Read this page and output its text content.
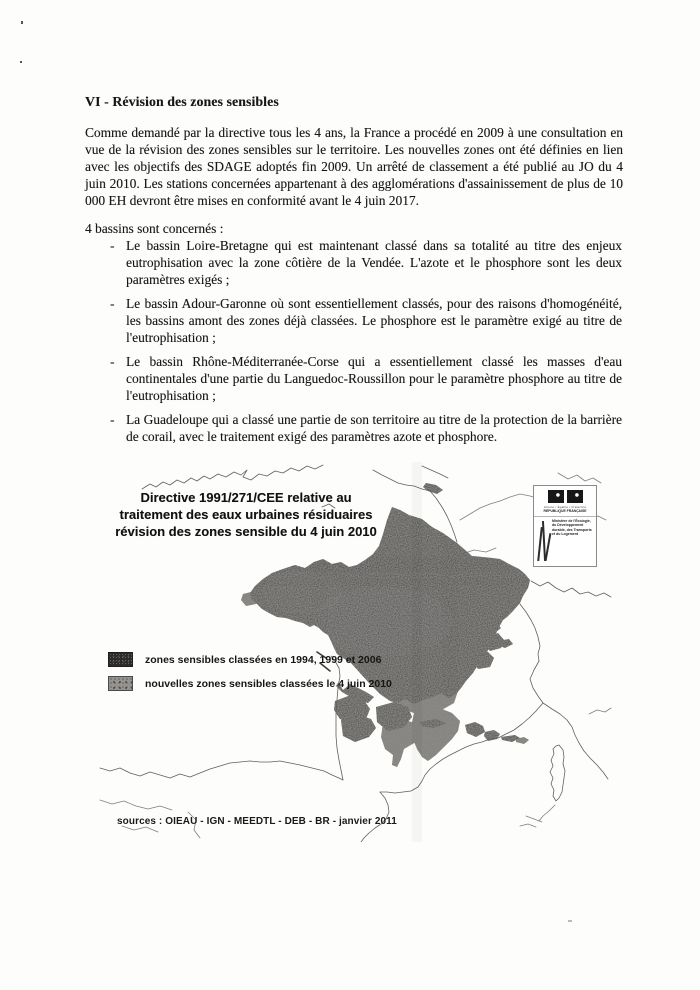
VI - Révision des zones sensibles

Comme demandé par la directive tous les 4 ans, la France a procédé en 2009 à une consultation en vue de la révision des zones sensibles sur le territoire. Les nouvelles zones ont été définies en lien avec les objectifs des SDAGE adoptés fin 2009. Un arrêté de classement a été publié au JO du 4 juin 2010. Les stations concernées appartenant à des agglomérations d'assainissement de plus de 10 000 EH devront être mises en conformité avant le 4 juin 2017.

4 bassins sont concernés :

- Le bassin Loire-Bretagne qui est maintenant classé dans sa totalité au titre des enjeux eutrophisation avec la zone côtière de la Vendée. L'azote et le phosphore sont les deux paramètres exigés ;
- Le bassin Adour-Garonne où sont essentiellement classés, pour des raisons d'homogénéité, les bassins amont des zones déjà classées. Le phosphore est le paramètre exigé au titre de l'eutrophisation ;
- Le bassin Rhône-Méditerranée-Corse qui a essentiellement classé les masses d'eau continentales d'une partie du Languedoc-Roussillon pour le paramètre phosphore au titre de l'eutrophisation ;
- La Guadeloupe qui a classé une partie de son territoire au titre de la protection de la barrière de corail, avec le traitement exigé des paramètres azote et phosphore.
Directive 1991/271/CEE relative au
traitement des eaux urbaines résiduaires
révision des zones sensible du 4 juin 2010
zones sensibles classées en 1994, 1999 et 2006
nouvelles zones sensibles classées le 4 juin 2010
sources : OIEAU - IGN - MEEDTL - DEB - BR - janvier 2011
Liberté • Égalité • Fraternité
RÉPUBLIQUE FRANÇAISE
Ministère de l'Écologie, du Développement durable, des Transports et du Logement
